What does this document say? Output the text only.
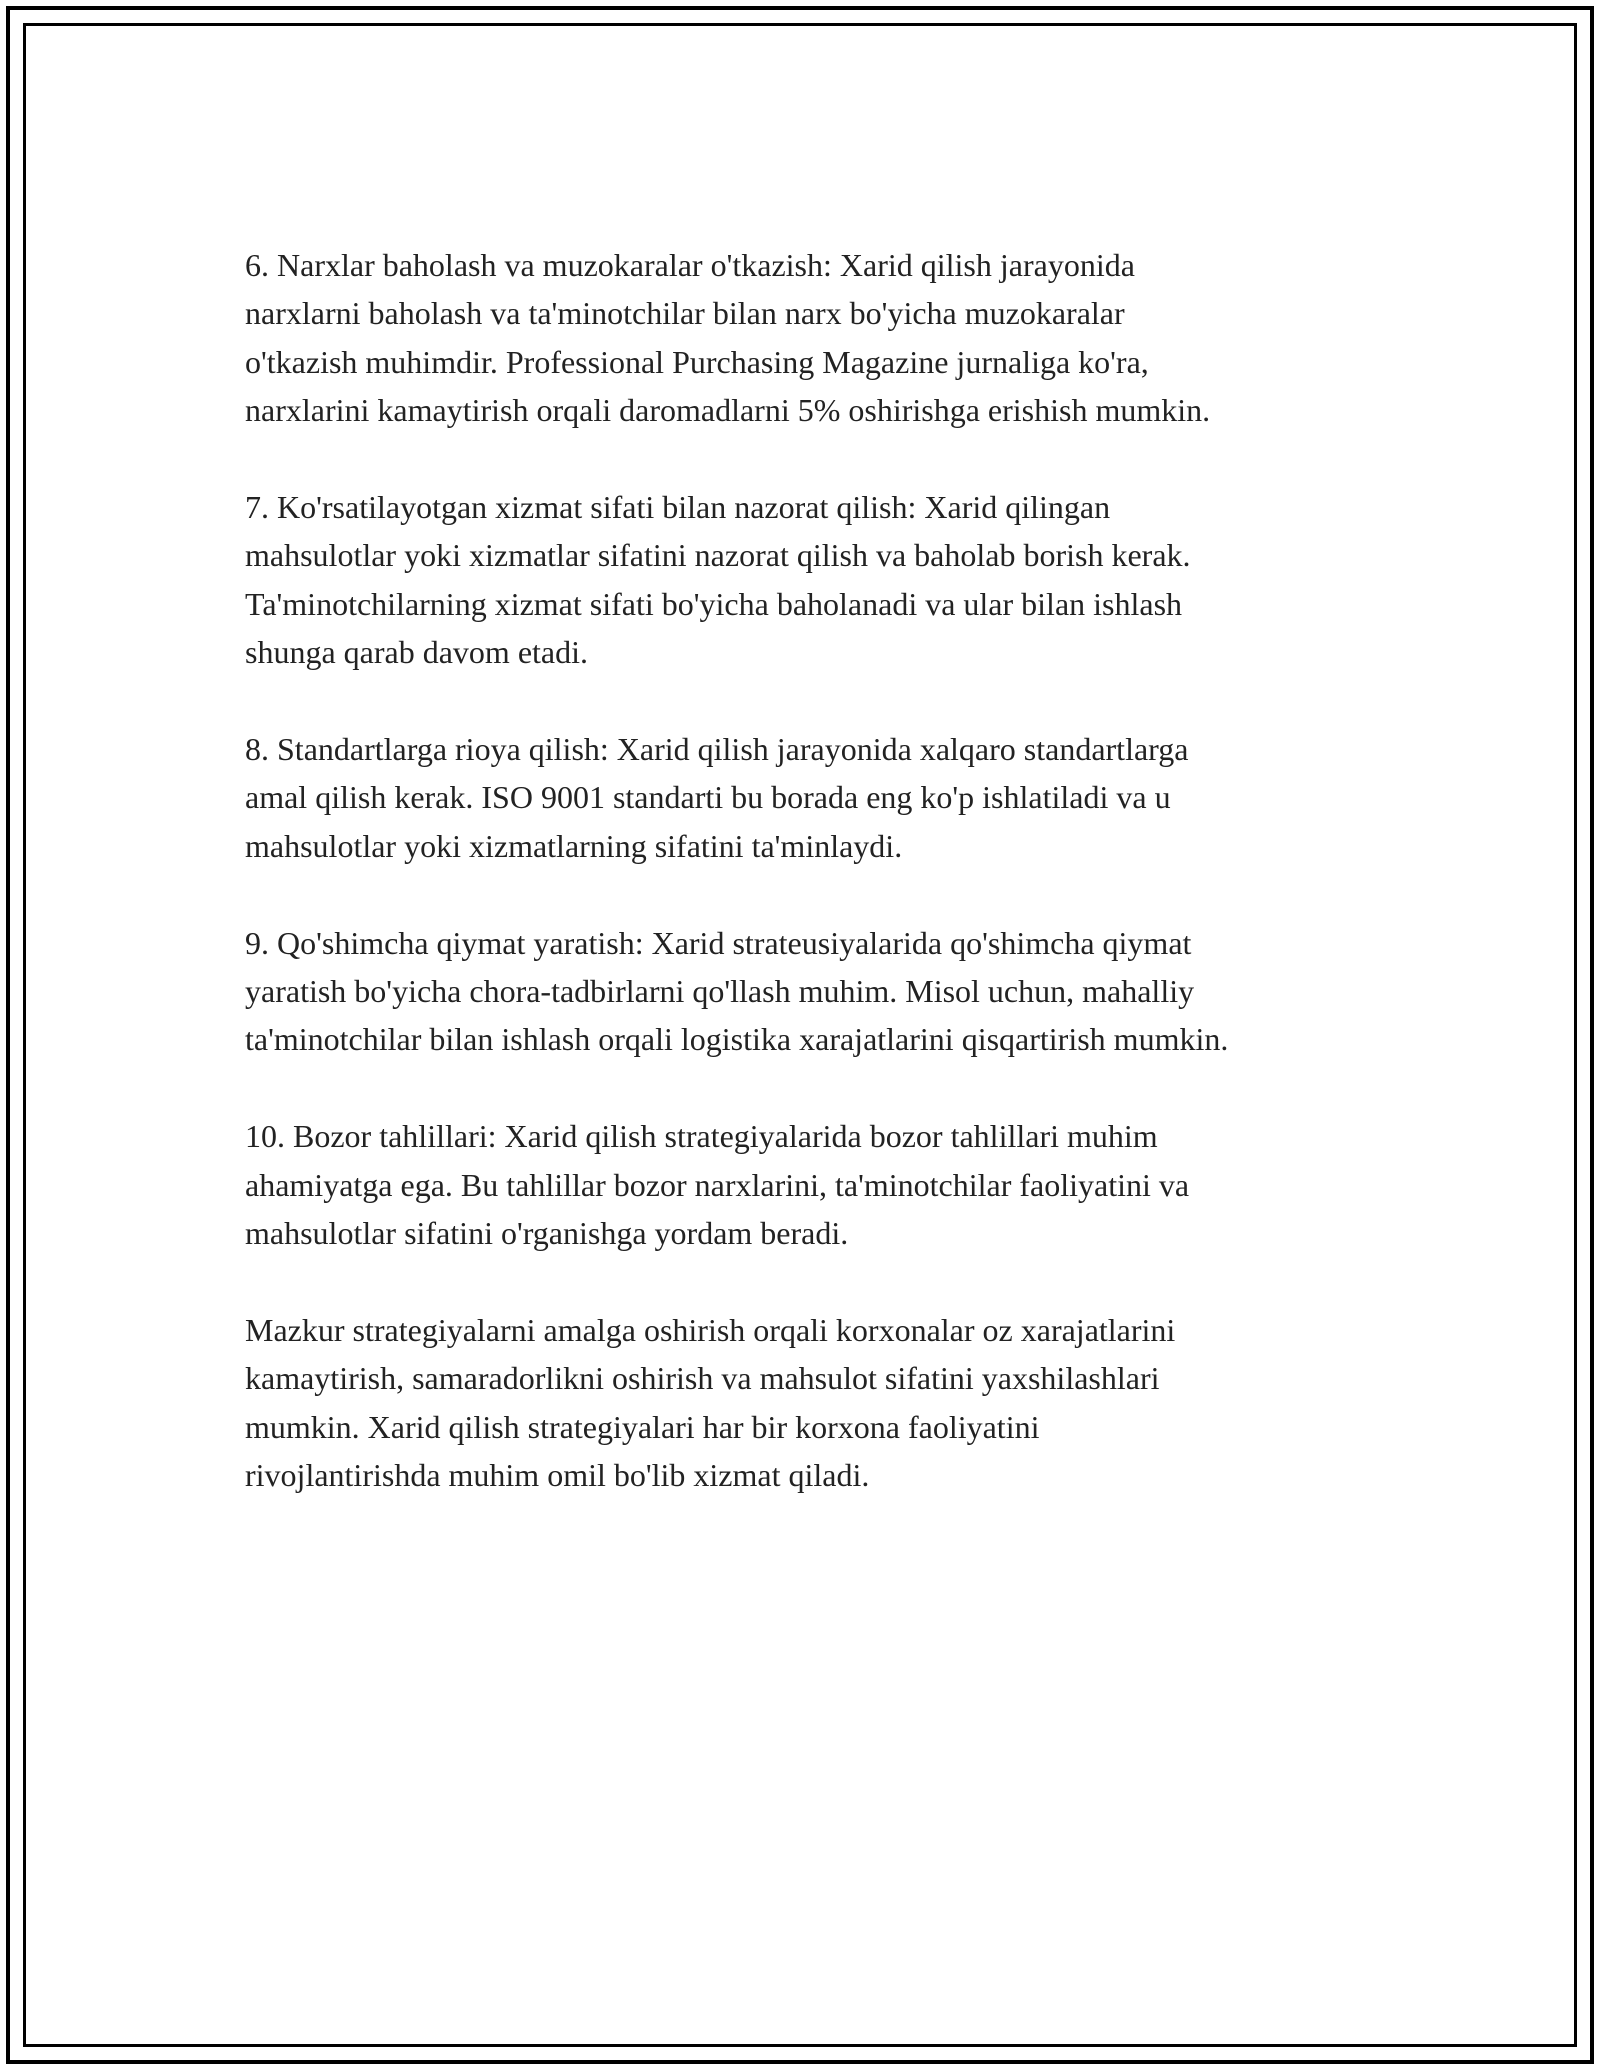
6. Narxlar baholash va muzokaralar o'tkazish: Xarid qilish jarayonida
narxlarni baholash va ta'minotchilar bilan narx bo'yicha muzokaralar
o'tkazish muhimdir. Professional Purchasing Magazine jurnaliga ko'ra,
narxlarini kamaytirish orqali daromadlarni 5% oshirishga erishish mumkin.

7. Ko'rsatilayotgan xizmat sifati bilan nazorat qilish: Xarid qilingan
mahsulotlar yoki xizmatlar sifatini nazorat qilish va baholab borish kerak.
Ta'minotchilarning xizmat sifati bo'yicha baholanadi va ular bilan ishlash
shunga qarab davom etadi.

8. Standartlarga rioya qilish: Xarid qilish jarayonida xalqaro standartlarga
amal qilish kerak. ISO 9001 standarti bu borada eng ko'p ishlatiladi va u
mahsulotlar yoki xizmatlarning sifatini ta'minlaydi.

9. Qo'shimcha qiymat yaratish: Xarid strateusiyalarida qo'shimcha qiymat
yaratish bo'yicha chora-tadbirlarni qo'llash muhim. Misol uchun, mahalliy
ta'minotchilar bilan ishlash orqali logistika xarajatlarini qisqartirish mumkin.

10. Bozor tahlillari: Xarid qilish strategiyalarida bozor tahlillari muhim
ahamiyatga ega. Bu tahlillar bozor narxlarini, ta'minotchilar faoliyatini va
mahsulotlar sifatini o'rganishga yordam beradi.

Mazkur strategiyalarni amalga oshirish orqali korxonalar oz xarajatlarini
kamaytirish, samaradorlikni oshirish va mahsulot sifatini yaxshilashlari
mumkin. Xarid qilish strategiyalari har bir korxona faoliyatini
rivojlantirishda muhim omil bo'lib xizmat qiladi.
